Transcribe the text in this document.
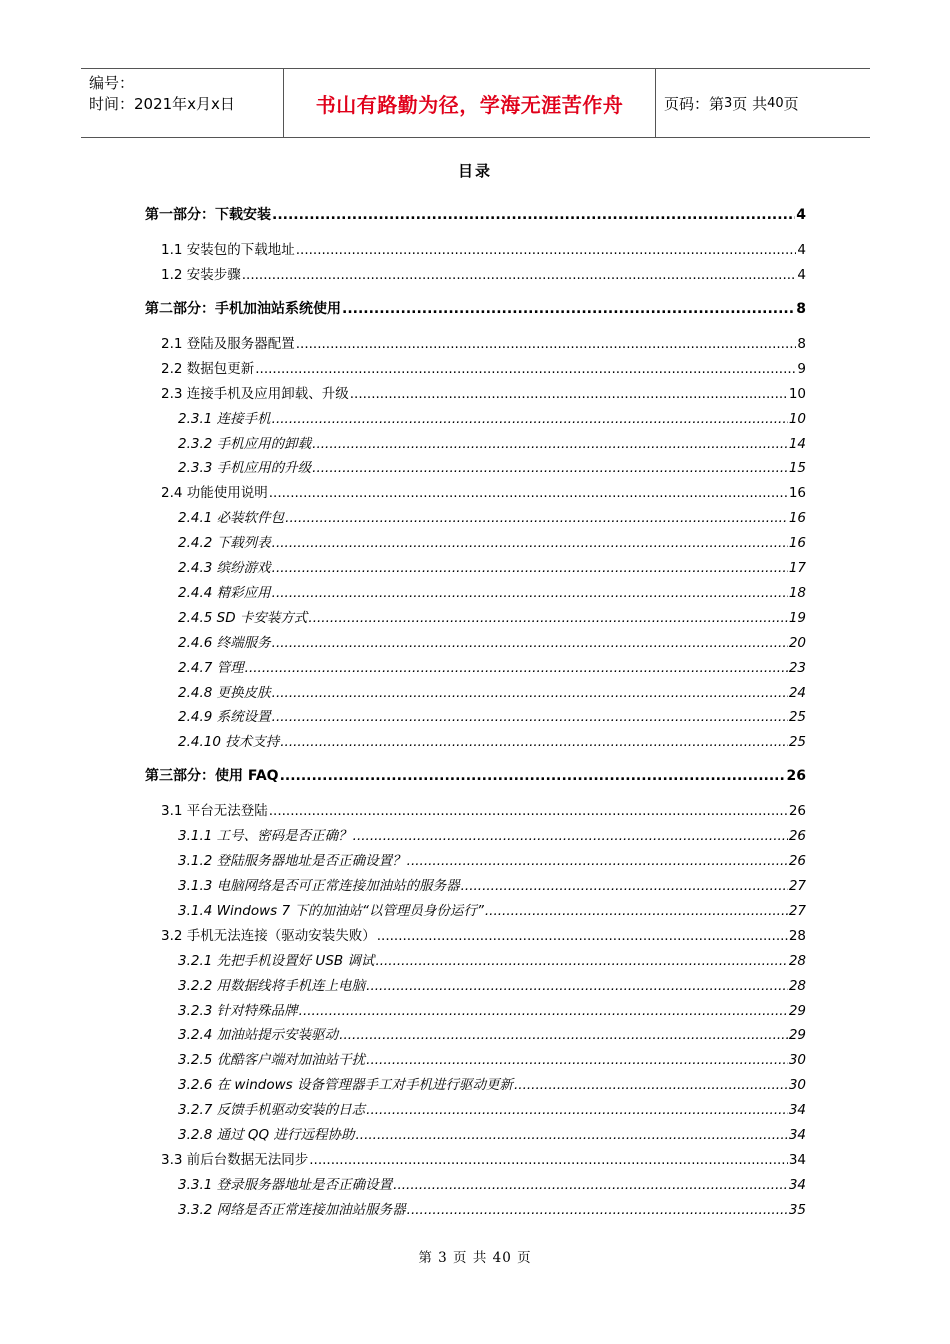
编号：
时间：2021年x月x日	书山有路勤为径，学海无涯苦作舟	页码：第 3 页 共 40 页
目录
第一部分：下载安装 .....	4
1.1 安装包的下载地址 .....	4
1.2 安装步骤 .....	4
第二部分：手机加油站系统使用 .....	8
2.1 登陆及服务器配置 .....	8
2.2 数据包更新 .....	9
2.3 连接手机及应用卸载、升级 .....	10
2.3.1 连接手机 .....	10
2.3.2 手机应用的卸载 .....	14
2.3.3 手机应用的升级 .....	15
2.4 功能使用说明 .....	16
2.4.1 必装软件包 .....	16
2.4.2 下载列表 .....	16
2.4.3 缤纷游戏 .....	17
2.4.4 精彩应用 .....	18
2.4.5 SD 卡安装方式 .....	19
2.4.6 终端服务 .....	20
2.4.7 管理 .....	23
2.4.8 更换皮肤 .....	24
2.4.9 系统设置 .....	25
2.4.10 技术支持 .....	25
第三部分：使用 FAQ .....	26
3.1 平台无法登陆 .....	26
3.1.1 工号、密码是否正确？ .....	26
3.1.2 登陆服务器地址是否正确设置？ .....	26
3.1.3 电脑网络是否可正常连接加油站的服务器 .....	27
3.1.4 Windows 7 下的加油站“以管理员身份运行” .....	27
3.2 手机无法连接（驱动安装失败） .....	28
3.2.1 先把手机设置好 USB 调试 .....	28
3.2.2 用数据线将手机连上电脑 .....	28
3.2.3 针对特殊品牌 .....	29
3.2.4 加油站提示安装驱动 .....	29
3.2.5 优酷客户端对加油站干扰 .....	30
3.2.6 在 windows 设备管理器手工对手机进行驱动更新 .....	30
3.2.7 反馈手机驱动安装的日志 .....	34
3.2.8 通过 QQ 进行远程协助 .....	34
3.3 前后台数据无法同步 .....	34
3.3.1 登录服务器地址是否正确设置 .....	34
3.3.2 网络是否正常连接加油站服务器 .....	35
第 3 页 共 40 页
